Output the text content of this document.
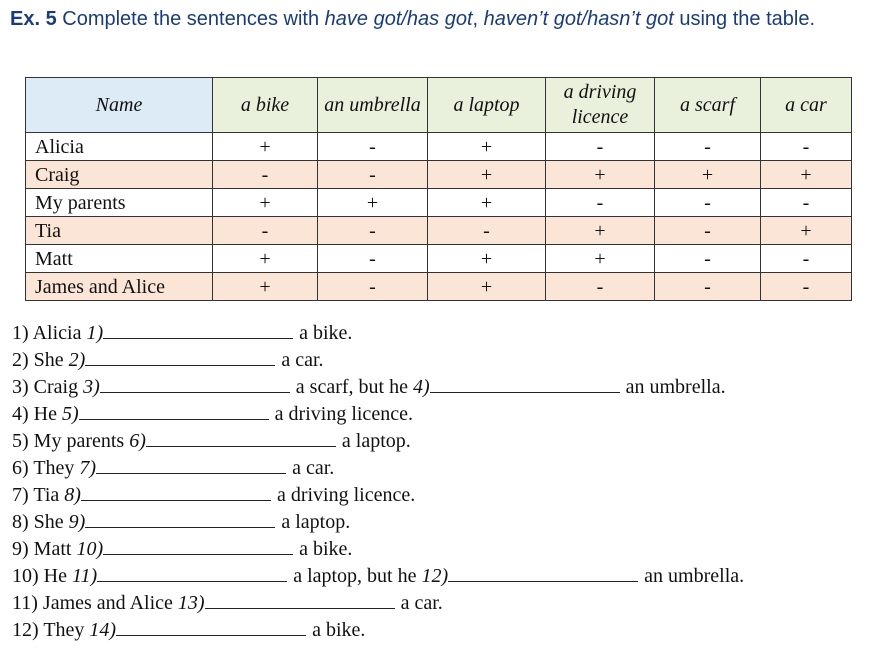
Ex. 5 Complete the sentences with have got/has got, haven’t got/hasn’t got using the table.
Name	a bike	an umbrella	a laptop	a driving licence	a scarf	a car
Alicia	+	-	+	-	-	-
Craig	-	-	+	+	+	+
My parents	+	+	+	-	-	-
Tia	-	-	-	+	-	+
Matt	+	-	+	+	-	-
James and Alice	+	-	+	-	-	-
1) Alicia 1)	a bike.
2) She 2)	a car.
3) Craig 3)	a scarf, but he 4)	an umbrella.
4) He 5)	a driving licence.
5) My parents 6)	a laptop.
6) They 7)	a car.
7) Tia 8)	a driving licence.
8) She 9)	a laptop.
9) Matt 10)	a bike.
10) He 11)	a laptop, but he 12)	an umbrella.
11) James and Alice 13)	a car.
12) They 14)	a bike.
